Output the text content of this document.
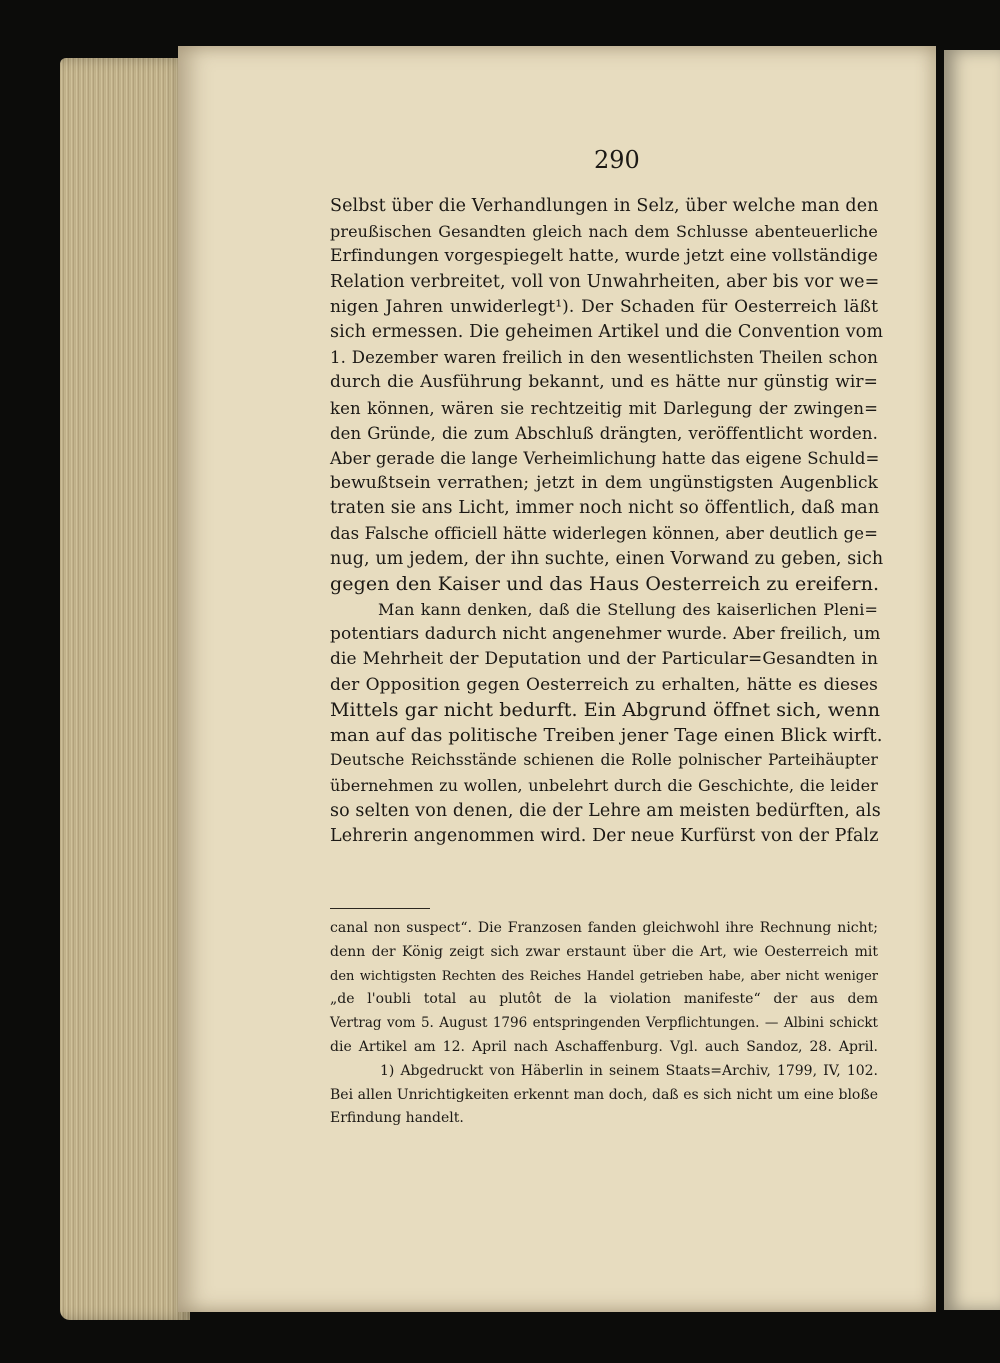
290
Selbst über die Verhandlungen in Selz, über welche man den
preußischen Gesandten gleich nach dem Schlusse abenteuerliche
Erfindungen vorgespiegelt hatte, wurde jetzt eine vollständige
Relation verbreitet, voll von Unwahrheiten, aber bis vor we=
nigen Jahren unwiderlegt¹). Der Schaden für Oesterreich läßt
sich ermessen. Die geheimen Artikel und die Convention vom
1. Dezember waren freilich in den wesentlichsten Theilen schon
durch die Ausführung bekannt, und es hätte nur günstig wir=
ken können, wären sie rechtzeitig mit Darlegung der zwingen=
den Gründe, die zum Abschluß drängten, veröffentlicht worden.
Aber gerade die lange Verheimlichung hatte das eigene Schuld=
bewußtsein verrathen; jetzt in dem ungünstigsten Augenblick
traten sie ans Licht, immer noch nicht so öffentlich, daß man
das Falsche officiell hätte widerlegen können, aber deutlich ge=
nug, um jedem, der ihn suchte, einen Vorwand zu geben, sich
gegen den Kaiser und das Haus Oesterreich zu ereifern.
Man kann denken, daß die Stellung des kaiserlichen Pleni=
potentiars dadurch nicht angenehmer wurde. Aber freilich, um
die Mehrheit der Deputation und der Particular=Gesandten in
der Opposition gegen Oesterreich zu erhalten, hätte es dieses
Mittels gar nicht bedurft. Ein Abgrund öffnet sich, wenn
man auf das politische Treiben jener Tage einen Blick wirft.
Deutsche Reichsstände schienen die Rolle polnischer Parteihäupter
übernehmen zu wollen, unbelehrt durch die Geschichte, die leider
so selten von denen, die der Lehre am meisten bedürften, als
Lehrerin angenommen wird. Der neue Kurfürst von der Pfalz
canal non suspect“. Die Franzosen fanden gleichwohl ihre Rechnung nicht;
denn der König zeigt sich zwar erstaunt über die Art, wie Oesterreich mit
den wichtigsten Rechten des Reiches Handel getrieben habe, aber nicht weniger
„de l'oubli total au plutôt de la violation manifeste“ der aus dem
Vertrag vom 5. August 1796 entspringenden Verpflichtungen. — Albini schickt
die Artikel am 12. April nach Aschaffenburg. Vgl. auch Sandoz, 28. April.
1) Abgedruckt von Häberlin in seinem Staats=Archiv, 1799, IV, 102.
Bei allen Unrichtigkeiten erkennt man doch, daß es sich nicht um eine bloße
Erfindung handelt.
